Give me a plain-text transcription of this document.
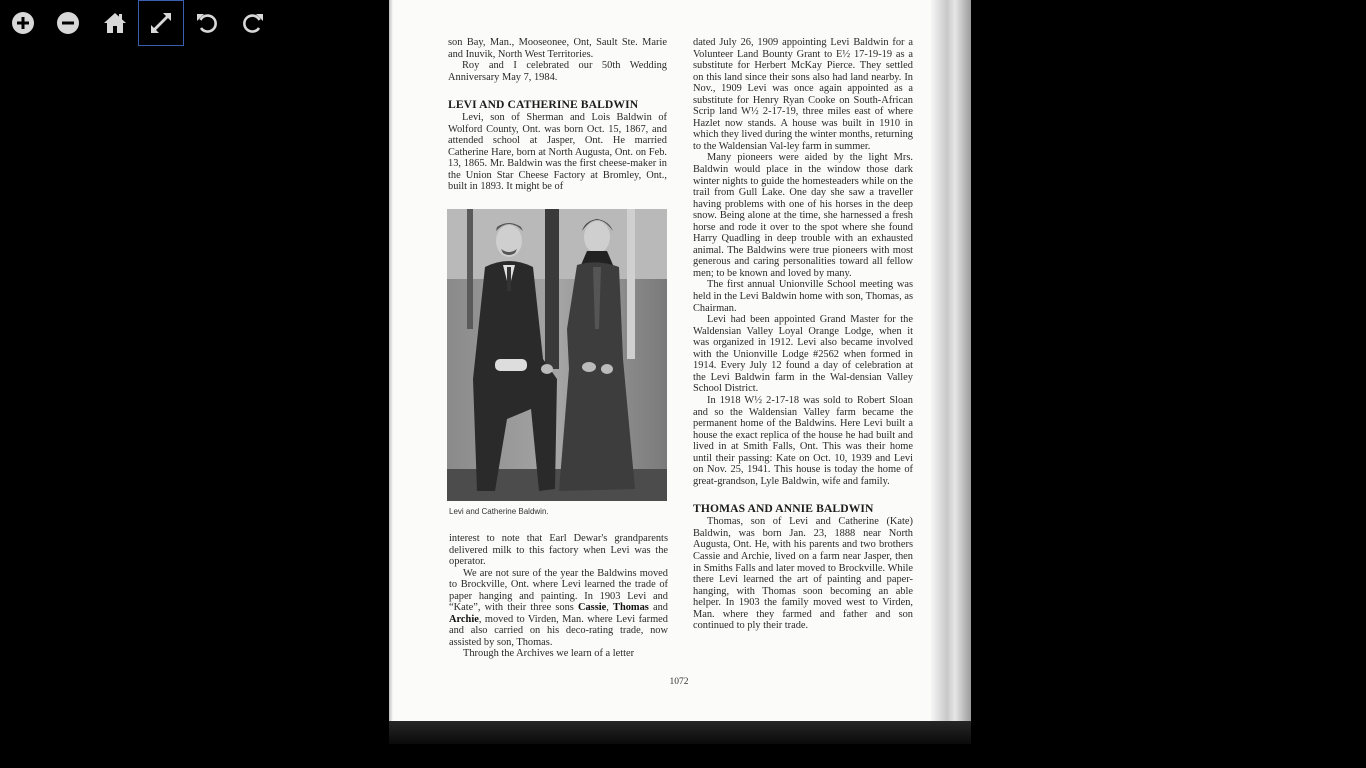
son Bay, Man., Mooseonee, Ont, Sault Ste. Marie and Inuvik, North West Territories.

Roy and I celebrated our 50th Wedding Anniversary May 7, 1984.

LEVI AND CATHERINE BALDWIN

Levi, son of Sherman and Lois Baldwin of Wolford County, Ont. was born Oct. 15, 1867, and attended school at Jasper, Ont. He married Catherine Hare, born at North Augusta, Ont. on Feb. 13, 1865. Mr. Baldwin was the first cheese-maker in the Union Star Cheese Factory at Bromley, Ont., built in 1893. It might be of

Levi and Catherine Baldwin.

interest to note that Earl Dewar's grandparents delivered milk to this factory when Levi was the operator.

We are not sure of the year the Baldwins moved to Brockville, Ont. where Levi learned the trade of paper hanging and painting. In 1903 Levi and “Kate”, with their three sons Cassie, Thomas and Archie, moved to Virden, Man. where Levi farmed and also carried on his deco-rating trade, now assisted by son, Thomas.

Through the Archives we learn of a letter

dated July 26, 1909 appointing Levi Baldwin for a Volunteer Land Bounty Grant to E½ 17-19-19 as a substitute for Herbert McKay Pierce. They settled on this land since their sons also had land nearby. In Nov., 1909 Levi was once again appointed as a substitute for Henry Ryan Cooke on South-African Scrip land W½ 2-17-19, three miles east of where Hazlet now stands. A house was built in 1910 in which they lived during the winter months, returning to the Waldensian Val-ley farm in summer.

Many pioneers were aided by the light Mrs. Baldwin would place in the window those dark winter nights to guide the homesteaders while on the trail from Gull Lake. One day she saw a traveller having problems with one of his horses in the deep snow. Being alone at the time, she harnessed a fresh horse and rode it over to the spot where she found Harry Quadling in deep trouble with an exhausted animal. The Baldwins were true pioneers with most generous and caring personalities toward all fellow men; to be known and loved by many.

The first annual Unionville School meeting was held in the Levi Baldwin home with son, Thomas, as Chairman.

Levi had been appointed Grand Master for the Waldensian Valley Loyal Orange Lodge, when it was organized in 1912. Levi also became involved with the Unionville Lodge #2562 when formed in 1914. Every July 12 found a day of celebration at the Levi Baldwin farm in the Wal-densian Valley School District.

In 1918 W½ 2-17-18 was sold to Robert Sloan and so the Waldensian Valley farm became the permanent home of the Baldwins. Here Levi built a house the exact replica of the house he had built and lived in at Smith Falls, Ont. This was their home until their passing: Kate on Oct. 10, 1939 and Levi on Nov. 25, 1941. This house is today the home of great-grandson, Lyle Baldwin, wife and family.

THOMAS AND ANNIE BALDWIN

Thomas, son of Levi and Catherine (Kate) Baldwin, was born Jan. 23, 1888 near North Augusta, Ont. He, with his parents and two brothers Cassie and Archie, lived on a farm near Jasper, then in Smiths Falls and later moved to Brockville. While there Levi learned the art of painting and paper-hanging, with Thomas soon becoming an able helper. In 1903 the family moved west to Virden, Man. where they farmed and father and son continued to ply their trade.

1072
